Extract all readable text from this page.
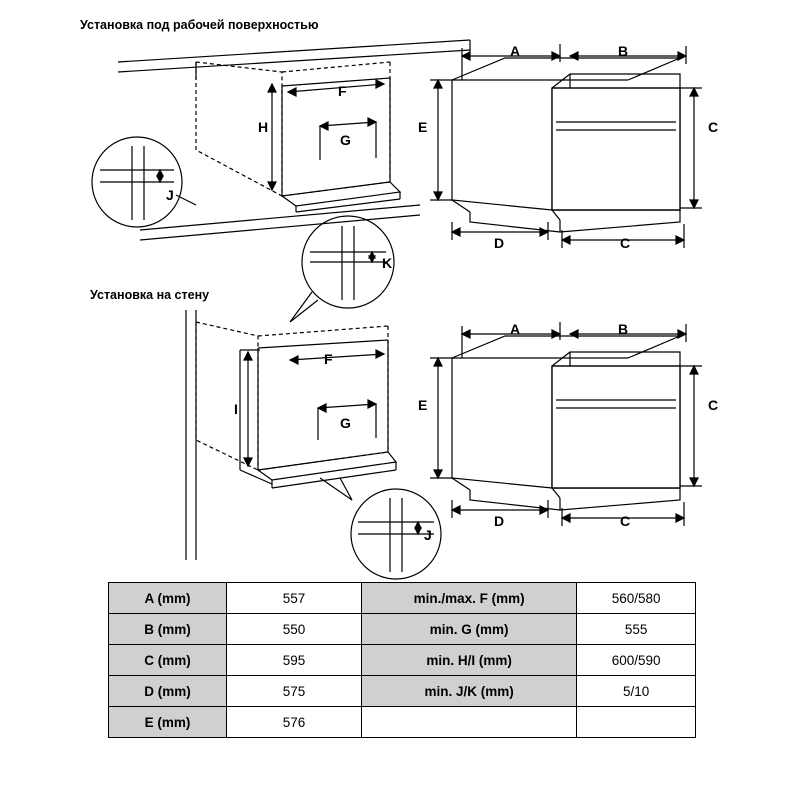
Установка под рабочей поверхностью
Установка на стену
F
H
G
J
A	B
C
E
D	C
K
F
I
G
J
A	B
C
E
D	C
A (mm)	557	min./max. F (mm)	560/580
B (mm)	550	min. G (mm)	555
C (mm)	595	min. H/I (mm)	600/590
D (mm)	575	min. J/K (mm)	5/10
E (mm)	576		
